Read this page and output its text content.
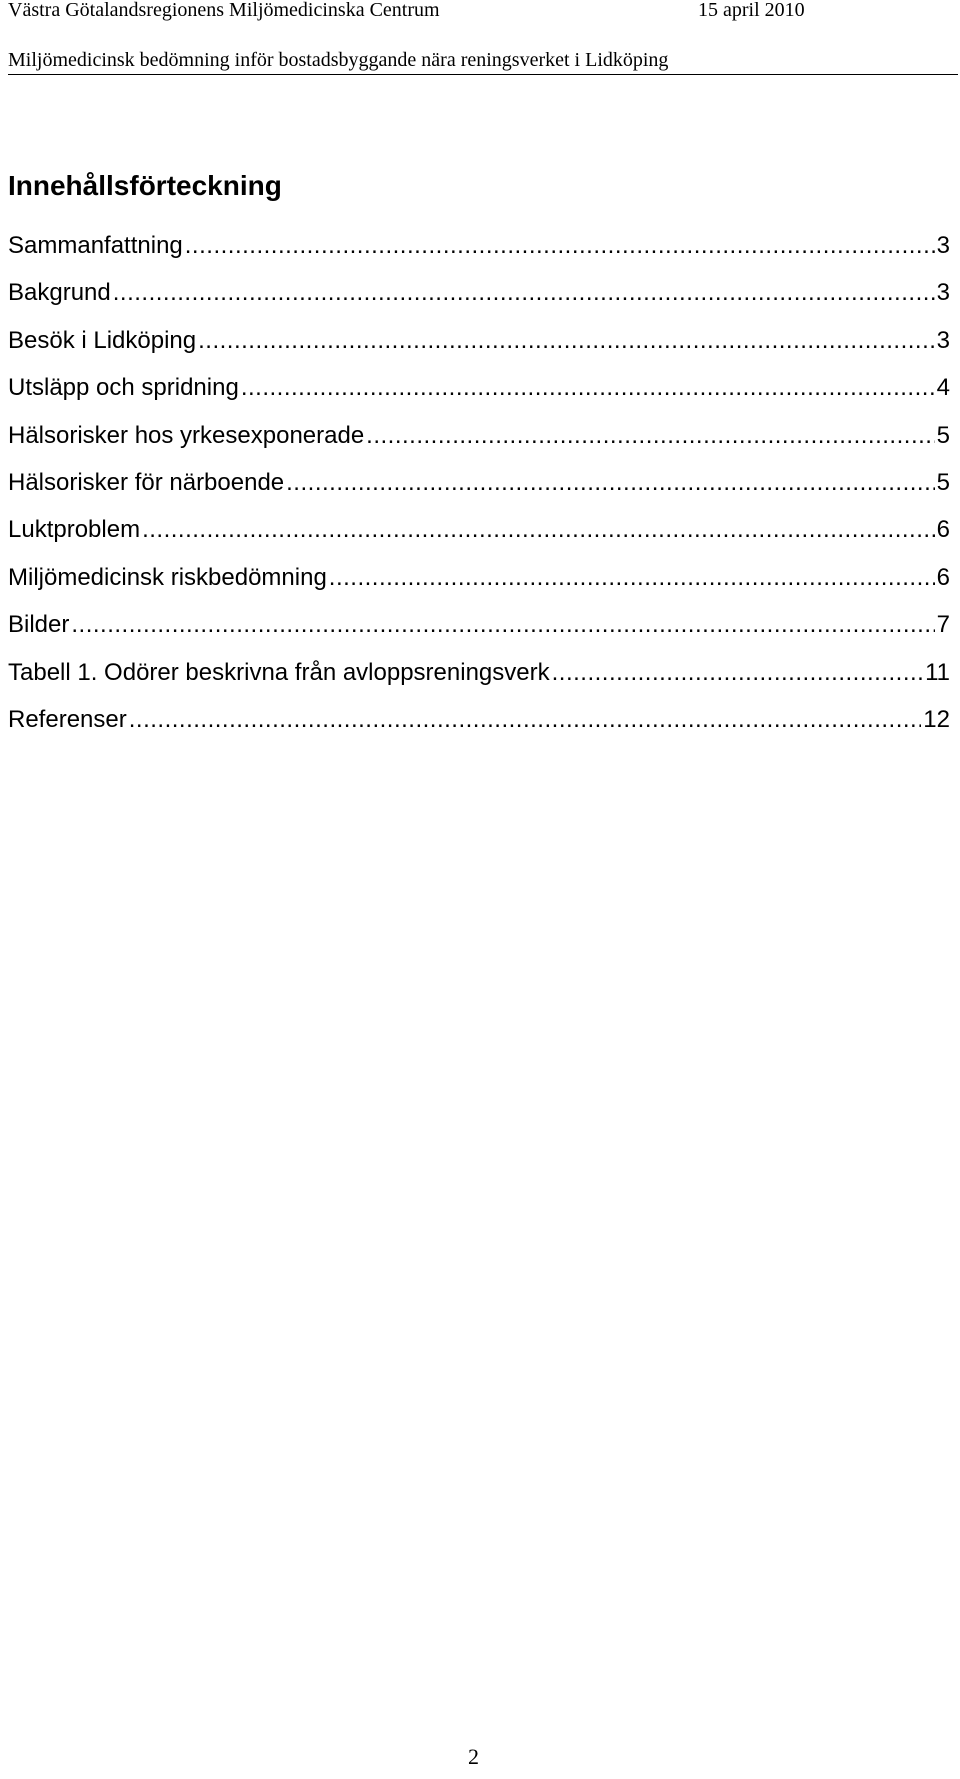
Västra Götalandsregionens Miljömedicinska Centrum	15 april 2010
Miljömedicinsk bedömning inför bostadsbyggande nära reningsverket i Lidköping
Innehållsförteckning
Sammanfattning .....	3
Bakgrund .....	3
Besök i Lidköping .....	3
Utsläpp och spridning .....	4
Hälsorisker hos yrkesexponerade .....	5
Hälsorisker för närboende .....	5
Luktproblem .....	6
Miljömedicinsk riskbedömning .....	6
Bilder .....	7
Tabell 1. Odörer beskrivna från avloppsreningsverk .....	11
Referenser .....	12
2
